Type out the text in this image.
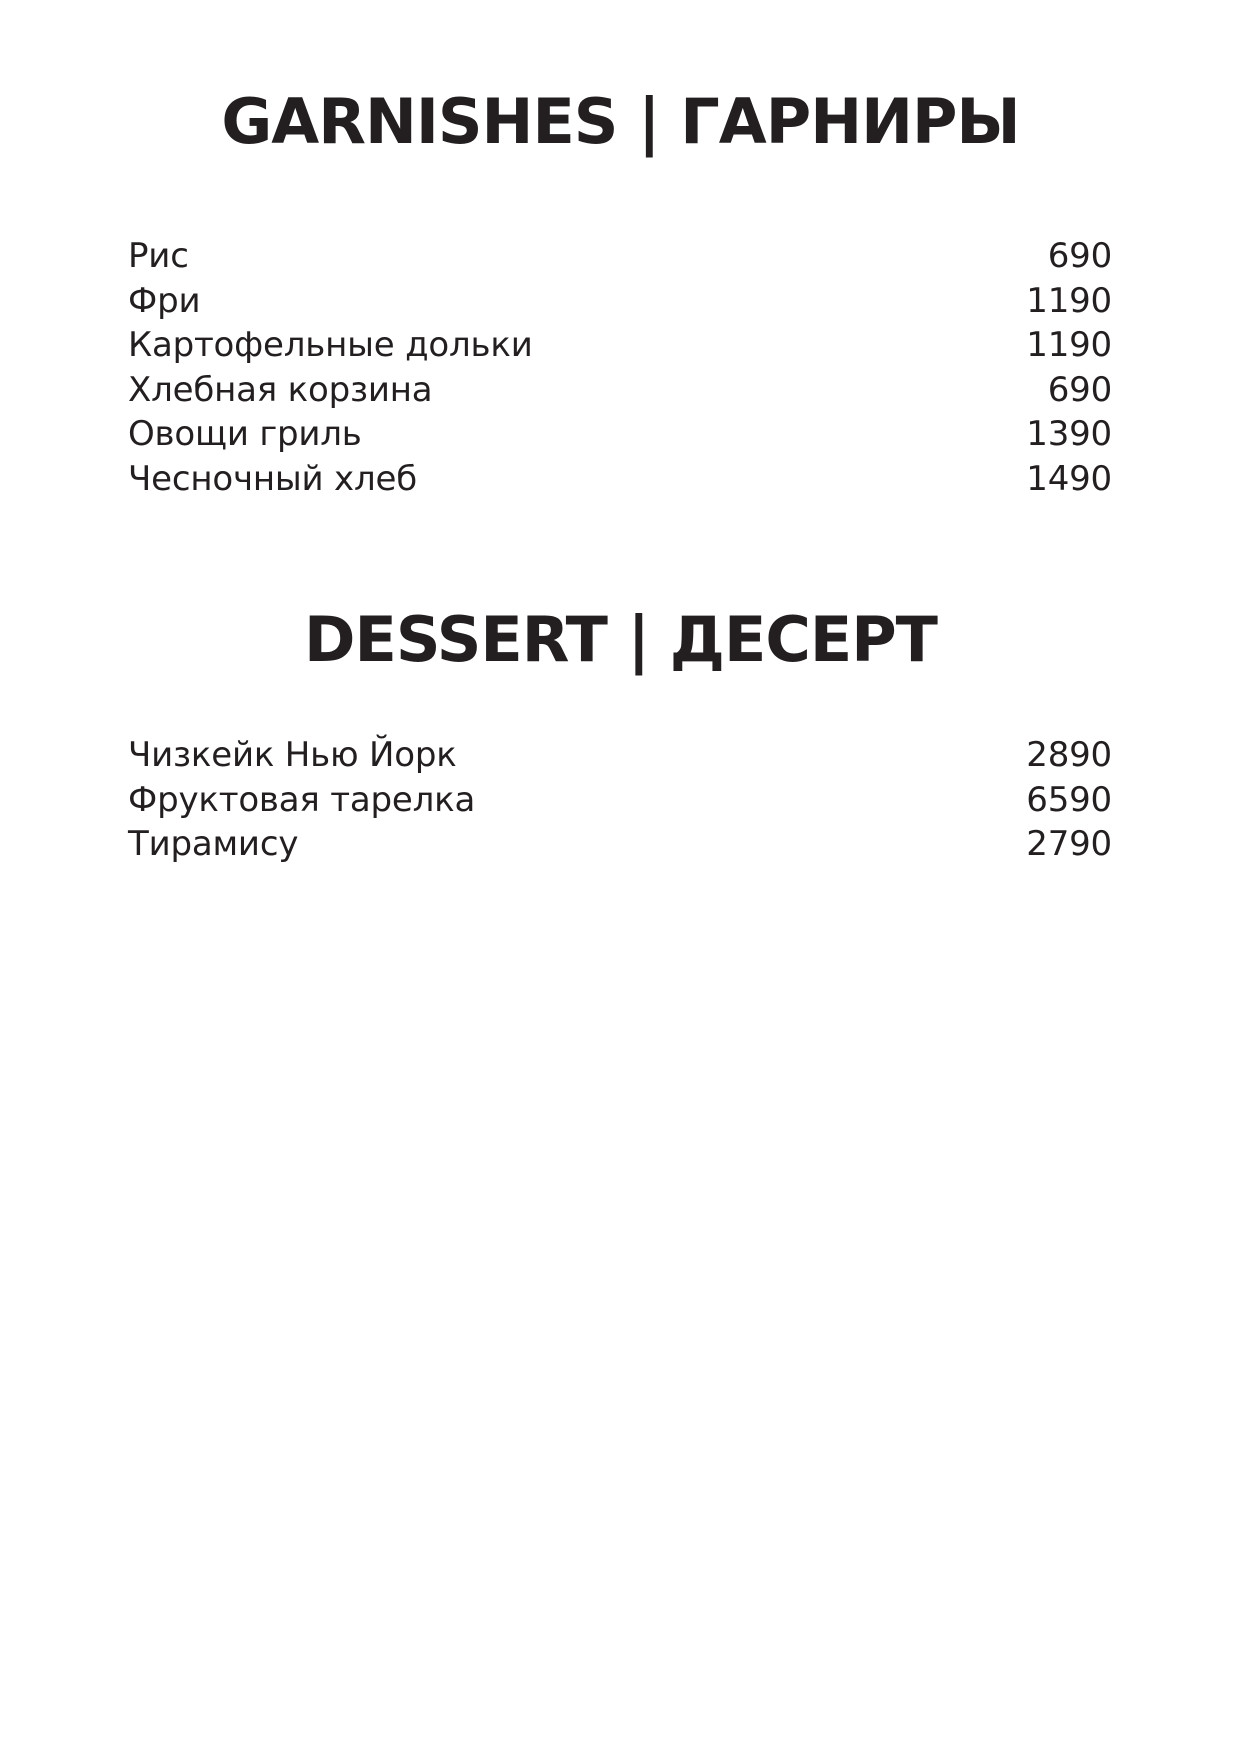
GARNISHES | ГАРНИРЫ
Рис	690
Фри	1190
Картофельные дольки	1190
Хлебная корзина	690
Овощи гриль	1390
Чесночный хлеб	1490
DESSERT | ДЕСЕРТ
Чизкейк Нью Йорк	2890
Фруктовая тарелка	6590
Тирамису	2790
